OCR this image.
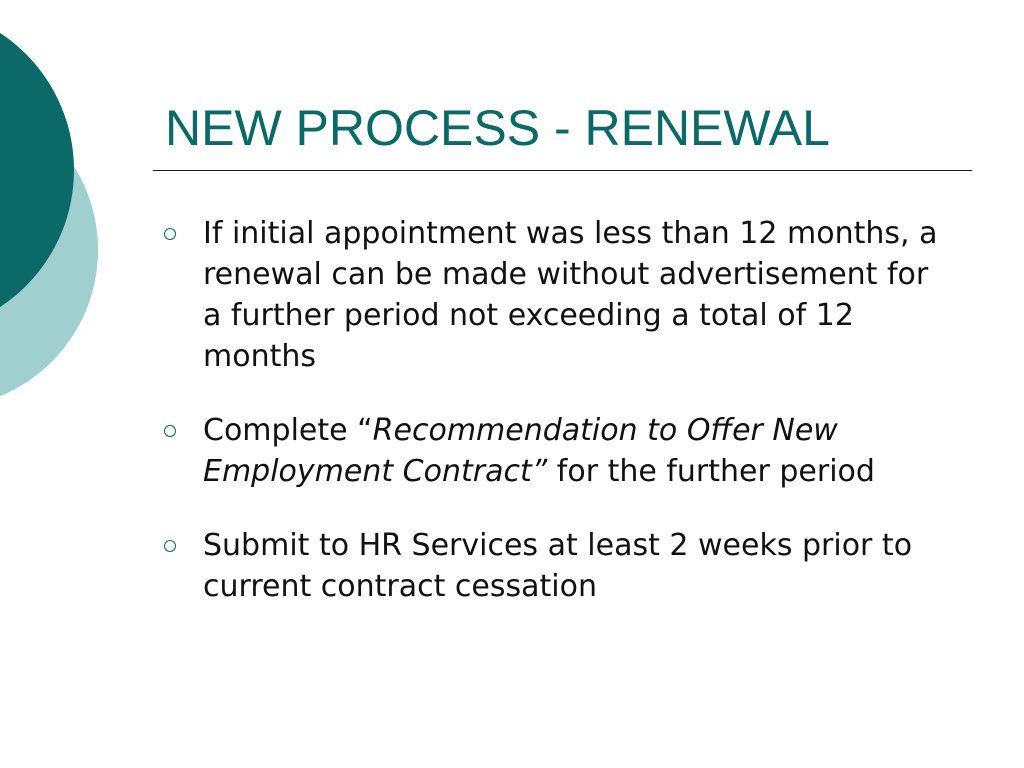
NEW PROCESS - RENEWAL
If initial appointment was less than 12 months, a renewal can be made without advertisement for a further period not exceeding a total of 12 months
Complete “Recommendation to Offer New Employment Contract” for the further period
Submit to HR Services at least 2 weeks prior to current contract cessation
